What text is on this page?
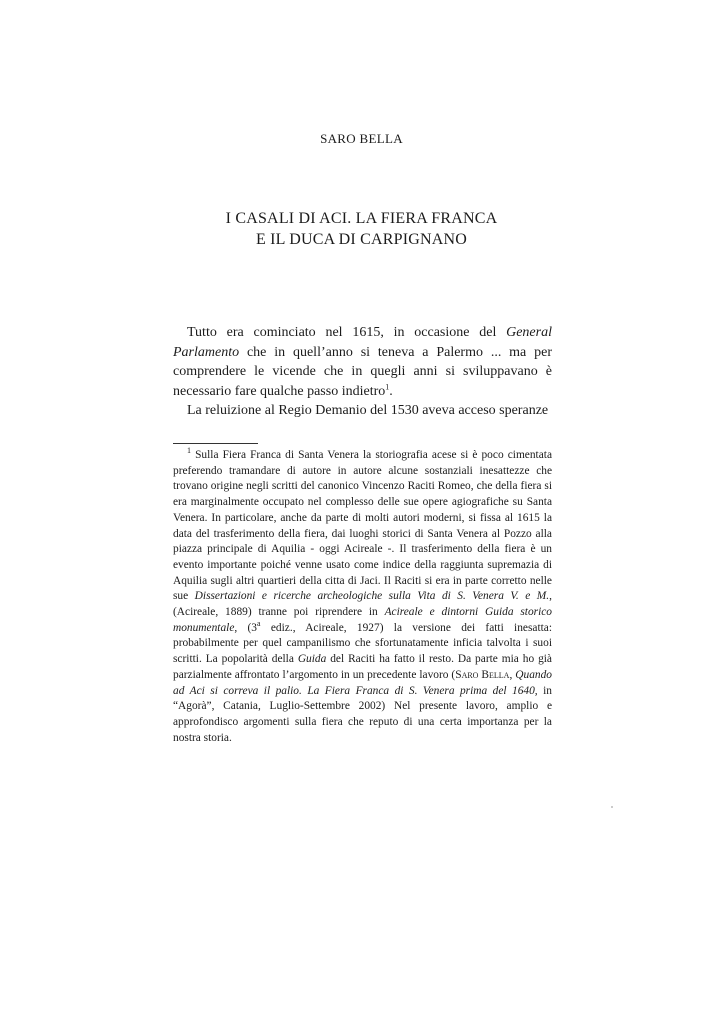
SARO BELLA
I CASALI DI ACI. LA FIERA FRANCA
E IL DUCA DI CARPIGNANO

Tutto era cominciato nel 1615, in occasione del General Parlamento che in quell’anno si teneva a Palermo ... ma per comprendere le vicende che in quegli anni si sviluppavano è necessario fare qualche passo indietro$^1$.

La reluizione al Regio Demanio del 1530 aveva acceso speranze

$^1$ Sulla Fiera Franca di Santa Venera la storiografia acese si è poco cimentata preferendo tramandare di autore in autore alcune sostanziali inesattezze che trovano origine negli scritti del canonico Vincenzo Raciti Romeo, che della fiera si era marginalmente occupato nel complesso delle sue opere agiografiche su Santa Venera. In particolare, anche da parte di molti autori moderni, si fissa al 1615 la data del trasferimento della fiera, dai luoghi storici di Santa Venera al Pozzo alla piazza principale di Aquilia - oggi Acireale -. Il trasferimento della fiera è un evento importante poiché venne usato come indice della raggiunta supremazia di Aquilia sugli altri quartieri della citta di Jaci. Il Raciti si era in parte corretto nelle sue Dissertazioni e ricerche archeologiche sulla Vita di S. Venera V. e M., (Acireale, 1889) tranne poi riprendere in Acireale e dintorni Guida storico monumentale, (3$^a$ ediz., Acireale, 1927) la versione dei fatti inesatta: probabilmente per quel campanilismo che sfortunatamente inficia talvolta i suoi scritti. La popolarità della Guida del Raciti ha fatto il resto. Da parte mia ho già parzialmente affrontato l’argomento in un precedente lavoro (Saro Bella, Quando ad Aci si correva il palio. La Fiera Franca di S. Venera prima del 1640, in “Agorà”, Catania, Luglio-Settembre 2002) Nel presente lavoro, amplio e approfondisco argomenti sulla fiera che reputo di una certa importanza per la nostra storia.
